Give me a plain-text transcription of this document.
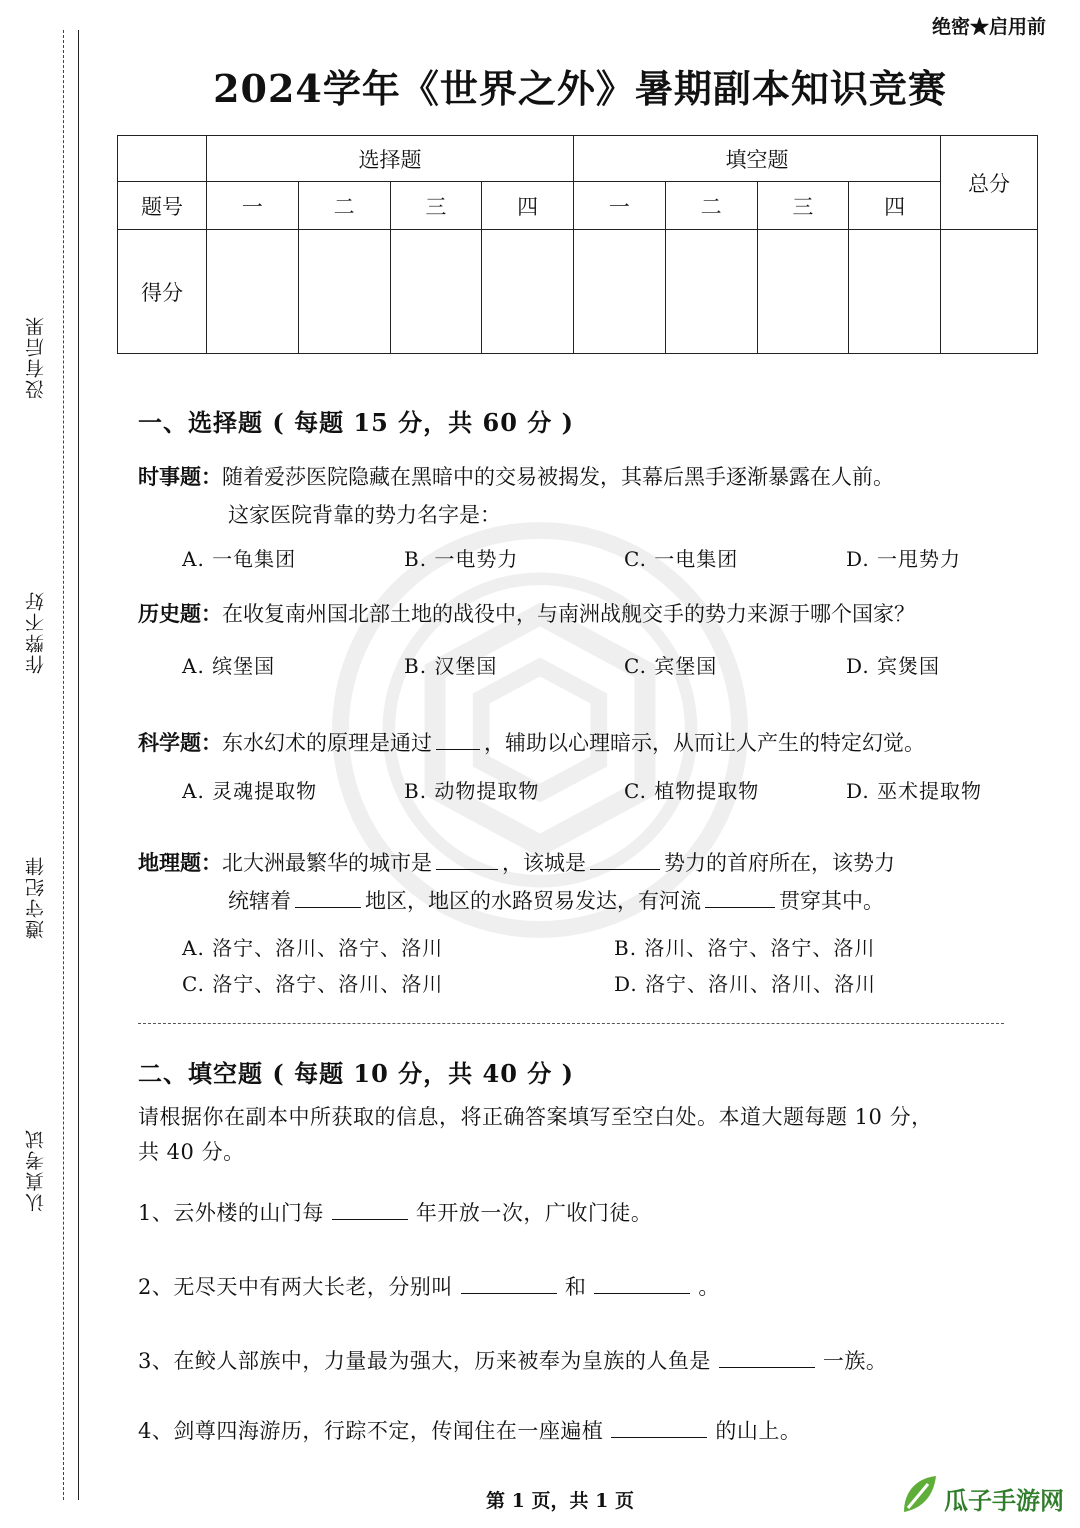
没有后果
作弊不好
遵守纪律
认真考试
绝密★启用前
2024学年《世界之外》暑期副本知识竞赛
	选择题				填空题				总分
题号	一	二	三	四	一	二	三	四	
得分									
一、选择题 ( 每题 15 分，共 60 分 )
时事题：随着爱莎医院隐藏在黑暗中的交易被揭发，其幕后黑手逐渐暴露在人前。
这家医院背靠的势力名字是：
A. 一龟集团	B. 一电势力	C. 一电集团	D. 一甩势力
历史题：在收复南州国北部土地的战役中，与南洲战舰交手的势力来源于哪个国家？
A. 缤堡国	B. 汉堡国	C. 宾堡国	D. 宾煲国
科学题：东水幻术的原理是通过 ，辅助以心理暗示，从而让人产生的特定幻觉。
A. 灵魂提取物	B. 动物提取物	C. 植物提取物	D. 巫术提取物
地理题：北大洲最繁华的城市是	，该城是	势力的首府所在，该势力
统辖着	地区，地区的水路贸易发达，有河流	贯穿其中。
A. 洛宁、洛川、洛宁、洛川	B. 洛川、洛宁、洛宁、洛川
C. 洛宁、洛宁、洛川、洛川	D. 洛宁、洛川、洛川、洛川
二、填空题 ( 每题 10 分，共 40 分 )
请根据你在副本中所获取的信息，将正确答案填写至空白处。本道大题每题 10 分，
共 40 分。
1、云外楼的山门每	年开放一次，广收门徒。
2、无尽天中有两大长老，分别叫	和	。
3、在鲛人部族中，力量最为强大，历来被奉为皇族的人鱼是	一族。
4、剑尊四海游历，行踪不定，传闻住在一座遍植	的山上。
第 1 页，共 1 页	瓜子手游网
